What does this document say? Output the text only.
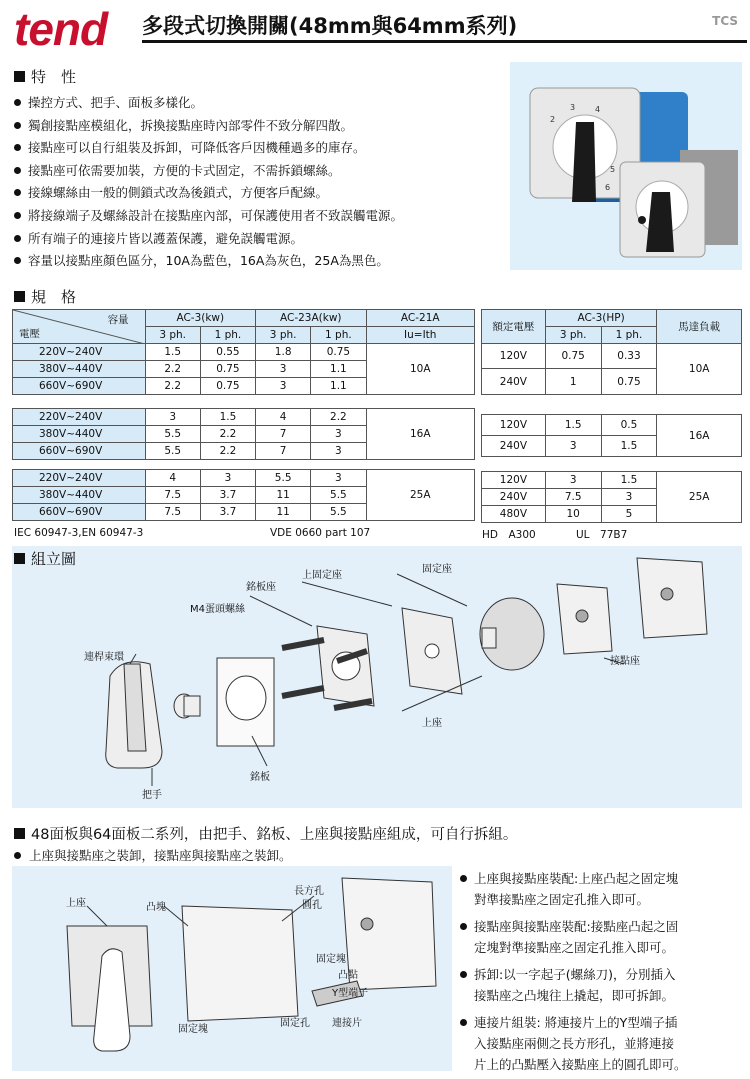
tend 多段式切換開關(48mm與64mm系列)	TCS
特　性
操控方式、把手、面板多樣化。
獨創接點座模組化，拆換接點座時內部零件不致分解四散。
接點座可以自行組裝及拆卸，可降低客戶因機種過多的庫存。
接點座可依需要加裝，方便的卡式固定，不需拆鎖螺絲。
接線螺絲由一般的側鎖式改為後鎖式，方便客戶配線。
將接線端子及螺絲設計在接點座內部，可保護使用者不致誤觸電源。
所有端子的連接片皆以護蓋保護，避免誤觸電源。
容量以接點座顏色區分，10A為藍色，16A為灰色，25A為黑色。
2
3 4
5
6
規　格
容量
電壓	AC-3(kw)		AC-23A(kw)		AC-21A
	3 ph.	1 ph.	3 ph.	1 ph.	Iu=Ith
220V~240V	1.5	0.55	1.8	0.75	10A
380V~440V	2.2	0.75	3	1.1	
660V~690V	2.2	0.75	3	1.1	
220V~240V	3	1.5	4	2.2	16A
380V~440V	5.5	2.2	7	3	
660V~690V	5.5	2.2	7	3	
220V~240V	4	3	5.5	3	25A
380V~440V	7.5	3.7	11	5.5	
660V~690V	7.5	3.7	11	5.5	
額定電壓	AC-3(HP)		馬達負載
	3 ph.	1 ph.	
120V	0.75	0.33	10A
240V	1	0.75	
120V	1.5	0.5	16A
240V	3	1.5	
120V	3	1.5	25A
240V	7.5	3	
480V	10	5	
IEC 60947-3,EN 60947-3	VDE 0660 part 107	HD　A300	UL　77B7
組立圖
連桿束環
M4蛋頭螺絲
銘板座
上固定座
固定座
接點座
上座
銘板
把手
48面板與64面板二系列，由把手、銘板、上座與接點座組成，可自行拆組。
上座與接點座之裝卸，接點座與接點座之裝卸。
上座	凸塊
長方孔
圓孔
固定塊
凸點
Y型端子
固定塊
固定孔 連接片
上座與接點座裝配:上座凸起之固定塊
對準接點座之固定孔推入即可。
接點座與接點座裝配:接點座凸起之固
定塊對準接點座之固定孔推入即可。
拆卸:以一字起子(螺絲刀)，分別插入
接點座之凸塊往上撬起，即可拆卸。
連接片組裝: 將連接片上的Y型端子插
入接點座兩側之長方形孔，並將連接
片上的凸點壓入接點座上的圓孔即可。
